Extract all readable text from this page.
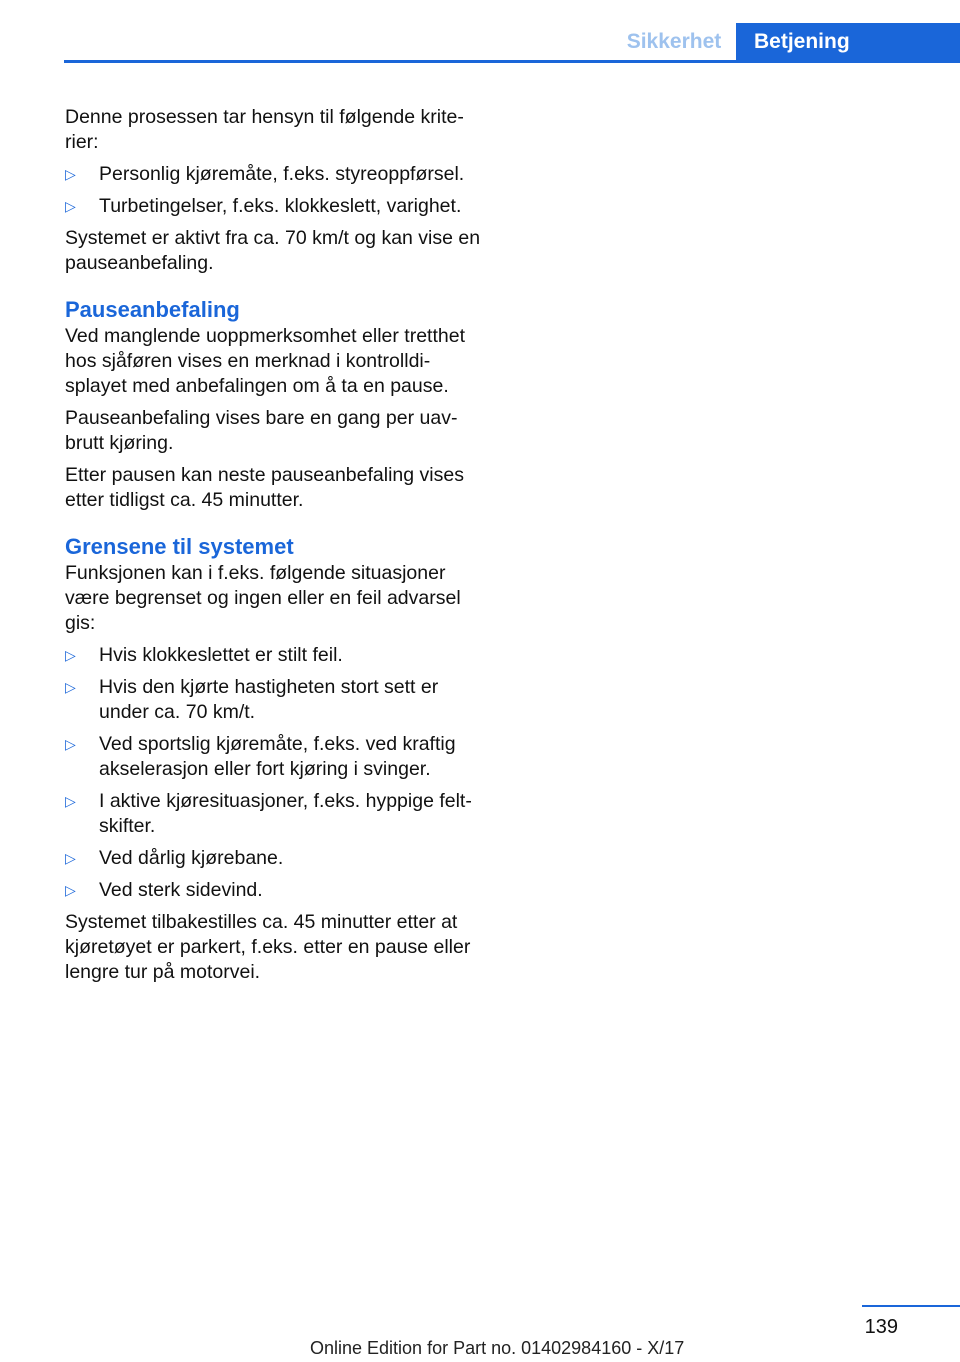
Sikkerhet	Betjening

Denne prosessen tar hensyn til følgende kriterier:

▷ Personlig kjøremåte, f.eks. styreoppførsel.
▷ Turbetingelser, f.eks. klokkeslett, varighet.

Systemet er aktivt fra ca. 70 km/t og kan vise en pauseanbefaling.

Pauseanbefaling

Ved manglende uoppmerksomhet eller tretthet hos sjåføren vises en merknad i kontrolldisplayet med anbefalingen om å ta en pause.

Pauseanbefaling vises bare en gang per uavbrutt kjøring.

Etter pausen kan neste pauseanbefaling vises etter tidligst ca. 45 minutter.

Grensene til systemet

Funksjonen kan i f.eks. følgende situasjoner være begrenset og ingen eller en feil advarsel gis:

▷ Hvis klokkeslettet er stilt feil.
▷ Hvis den kjørte hastigheten stort sett er under ca. 70 km/t.
▷ Ved sportslig kjøremåte, f.eks. ved kraftig akselerasjon eller fort kjøring i svinger.
▷ I aktive kjøresituasjoner, f.eks. hyppige feltskifter.
▷ Ved dårlig kjørebane.
▷ Ved sterk sidevind.

Systemet tilbakestilles ca. 45 minutter etter at kjøretøyet er parkert, f.eks. etter en pause eller lengre tur på motorvei.

139
Online Edition for Part no. 01402984160 - X/17
